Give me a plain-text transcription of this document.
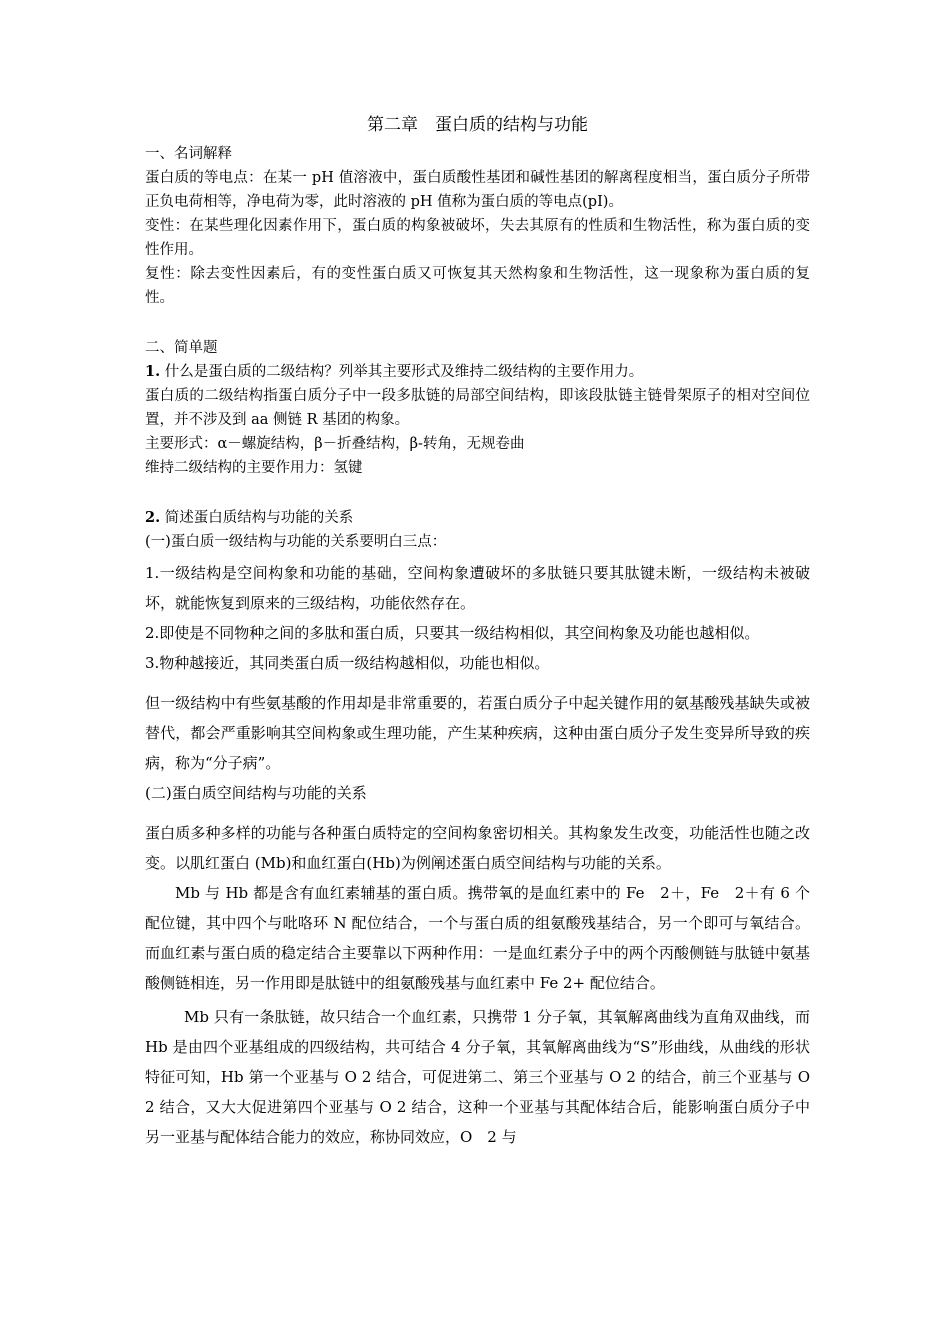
第二章　蛋白质的结构与功能

一、名词解释

蛋白质的等电点：在某一 pH 值溶液中，蛋白质酸性基团和碱性基团的解离程度相当，蛋白质分子所带正负电荷相等，净电荷为零，此时溶液的 pH 值称为蛋白质的等电点(pI)。

变性：在某些理化因素作用下，蛋白质的构象被破坏，失去其原有的性质和生物活性，称为蛋白质的变性作用。

复性：除去变性因素后，有的变性蛋白质又可恢复其天然构象和生物活性，这一现象称为蛋白质的复性。

二、简单题

1. 什么是蛋白质的二级结构？列举其主要形式及维持二级结构的主要作用力。

蛋白质的二级结构指蛋白质分子中一段多肽链的局部空间结构，即该段肽链主链骨架原子的相对空间位置，并不涉及到 aa 侧链 R 基团的构象。

主要形式：α－螺旋结构，β－折叠结构，β-转角，无规卷曲

维持二级结构的主要作用力：氢键

2. 简述蛋白质结构与功能的关系

(一)蛋白质一级结构与功能的关系要明白三点：

1.一级结构是空间构象和功能的基础，空间构象遭破坏的多肽链只要其肽键未断，一级结构未被破坏，就能恢复到原来的三级结构，功能依然存在。

2.即使是不同物种之间的多肽和蛋白质，只要其一级结构相似，其空间构象及功能也越相似。

3.物种越接近，其同类蛋白质一级结构越相似，功能也相似。

但一级结构中有些氨基酸的作用却是非常重要的，若蛋白质分子中起关键作用的氨基酸残基缺失或被替代，都会严重影响其空间构象或生理功能，产生某种疾病，这种由蛋白质分子发生变异所导致的疾病，称为“分子病”。

(二)蛋白质空间结构与功能的关系

蛋白质多种多样的功能与各种蛋白质特定的空间构象密切相关。其构象发生改变，功能活性也随之改变。以肌红蛋白 (Mb)和血红蛋白(Hb)为例阐述蛋白质空间结构与功能的关系。

Mb 与 Hb 都是含有血红素辅基的蛋白质。携带氧的是血红素中的 Fe　2＋，Fe　2＋有 6 个配位键，其中四个与吡咯环 N 配位结合，一个与蛋白质的组氨酸残基结合，另一个即可与氧结合。而血红素与蛋白质的稳定结合主要靠以下两种作用：一是血红素分子中的两个丙酸侧链与肽链中氨基酸侧链相连，另一作用即是肽链中的组氨酸残基与血红素中 Fe 2+ 配位结合。

Mb 只有一条肽链，故只结合一个血红素，只携带 1 分子氧，其氧解离曲线为直角双曲线，而 Hb 是由四个亚基组成的四级结构，共可结合 4 分子氧，其氧解离曲线为“S”形曲线，从曲线的形状特征可知，Hb 第一个亚基与 O 2 结合，可促进第二、第三个亚基与 O 2 的结合，前三个亚基与 O 2 结合，又大大促进第四个亚基与 O 2 结合，这种一个亚基与其配体结合后，能影响蛋白质分子中另一亚基与配体结合能力的效应，称协同效应，O　2 与
